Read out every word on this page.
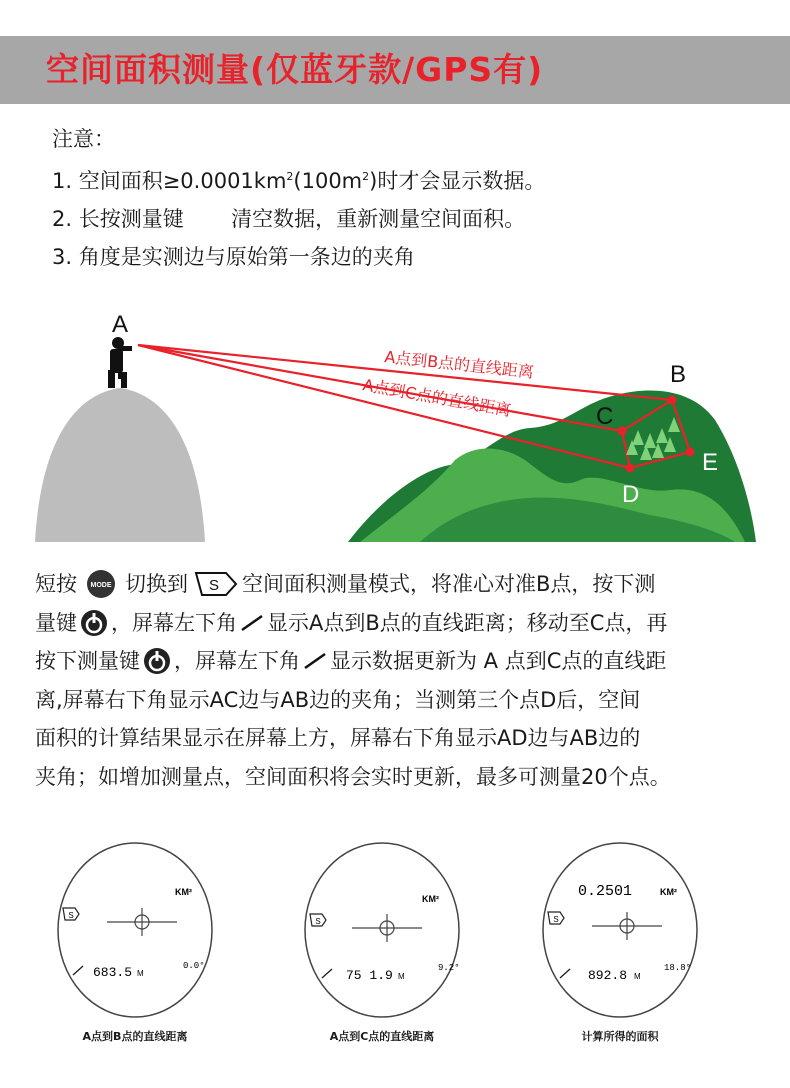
空间面积测量(仅蓝牙款/GPS有)
注意：
1. 空间面积$\ge 0.0001km^2(100m^2)$时才会显示数据。
2. 长按测量键 清空数据，重新测量空间面积。
3. 角度是实测边与原始第一条边的夹角
A
B
C
E
D
A点到B点的直线距离
A点到C点的直线距离
短按 MODE 切换到 S 空间面积测量模式，将准心对准B点，按下测
量键 ，屏幕左下角 显示A点到B点的直线距离；移动至C点，再
按下测量键 ，屏幕左下角 显示数据更新为 A 点到C点的直线距
离,屏幕右下角显示AC边与AB边的夹角；当测第三个点D后，空间
面积的计算结果显示在屏幕上方，屏幕右下角显示AD边与AB边的
夹角；如增加测量点，空间面积将会实时更新，最多可测量20个点。
KM²
S
683.5 M
0.0°
A点到B点的直线距离
KM²
S
75 1.9 M
9.2°
A点到C点的直线距离
0.2501	KM²
S
892.8 M
18.8°
计算所得的面积
